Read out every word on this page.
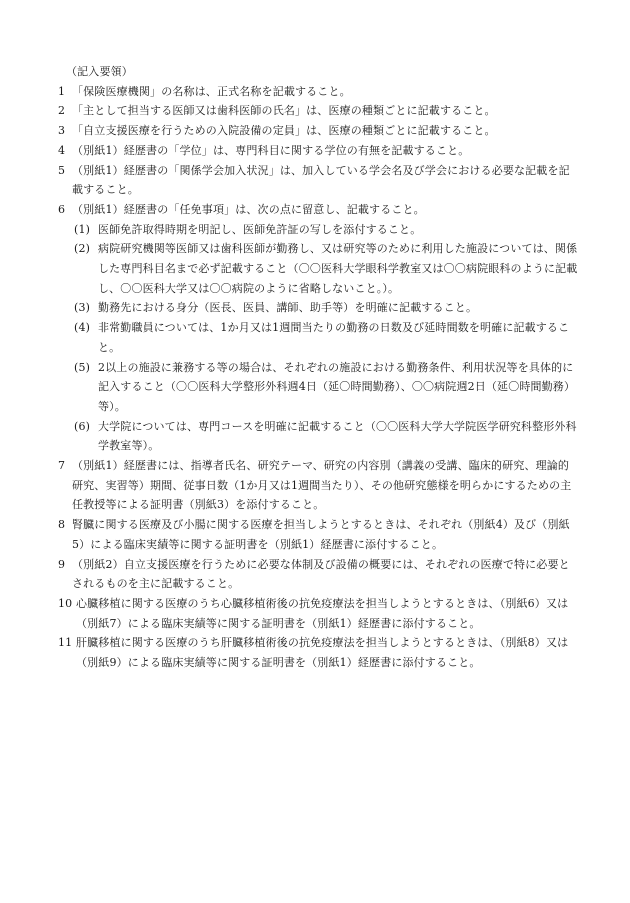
（記入要領）
1 「保険医療機関」の名称は、正式名称を記載すること。
2 「主として担当する医師又は歯科医師の氏名」は、医療の種類ごとに記載すること。
3 「自立支援医療を行うための入院設備の定員」は、医療の種類ごとに記載すること。
4 （別紙1）経歴書の「学位」は、専門科目に関する学位の有無を記載すること。
5 （別紙1）経歴書の「関係学会加入状況」は、加入している学会名及び学会における必要な記載を記載すること。
6 （別紙1）経歴書の「任免事項」は、次の点に留意し、記載すること。
(1) 医師免許取得時期を明記し、医師免許証の写しを添付すること。
(2) 病院研究機関等医師又は歯科医師が勤務し、又は研究等のために利用した施設については、関係した専門科目名まで必ず記載すること（〇〇医科大学眼科学教室又は〇〇病院眼科のように記載し、〇〇医科大学又は〇〇病院のように省略しないこと。）。
(3) 勤務先における身分（医長、医員、講師、助手等）を明確に記載すること。
(4) 非常勤職員については、1か月又は1週間当たりの勤務の日数及び延時間数を明確に記載すること。
(5) 2以上の施設に兼務する等の場合は、それぞれの施設における勤務条件、利用状況等を具体的に記入すること（〇〇医科大学整形外科週4日（延〇時間勤務）、〇〇病院週2日（延〇時間勤務）等）。
(6) 大学院については、専門コースを明確に記載すること（〇〇医科大学大学院医学研究科整形外科学教室等）。
7 （別紙1）経歴書には、指導者氏名、研究テーマ、研究の内容別（講義の受講、臨床的研究、理論的研究、実習等）期間、従事日数（1か月又は1週間当たり）、その他研究態様を明らかにするための主任教授等による証明書（別紙3）を添付すること。
8 腎臓に関する医療及び小腸に関する医療を担当しようとするときは、それぞれ（別紙4）及び（別紙5）による臨床実績等に関する証明書を（別紙1）経歴書に添付すること。
9 （別紙2）自立支援医療を行うために必要な体制及び設備の概要には、それぞれの医療で特に必要とされるものを主に記載すること。
10 心臓移植に関する医療のうち心臓移植術後の抗免疫療法を担当しようとするときは、（別紙6）又は（別紙7）による臨床実績等に関する証明書を（別紙1）経歴書に添付すること。
11 肝臓移植に関する医療のうち肝臓移植術後の抗免疫療法を担当しようとするときは、（別紙8）又は（別紙9）による臨床実績等に関する証明書を（別紙1）経歴書に添付すること。
